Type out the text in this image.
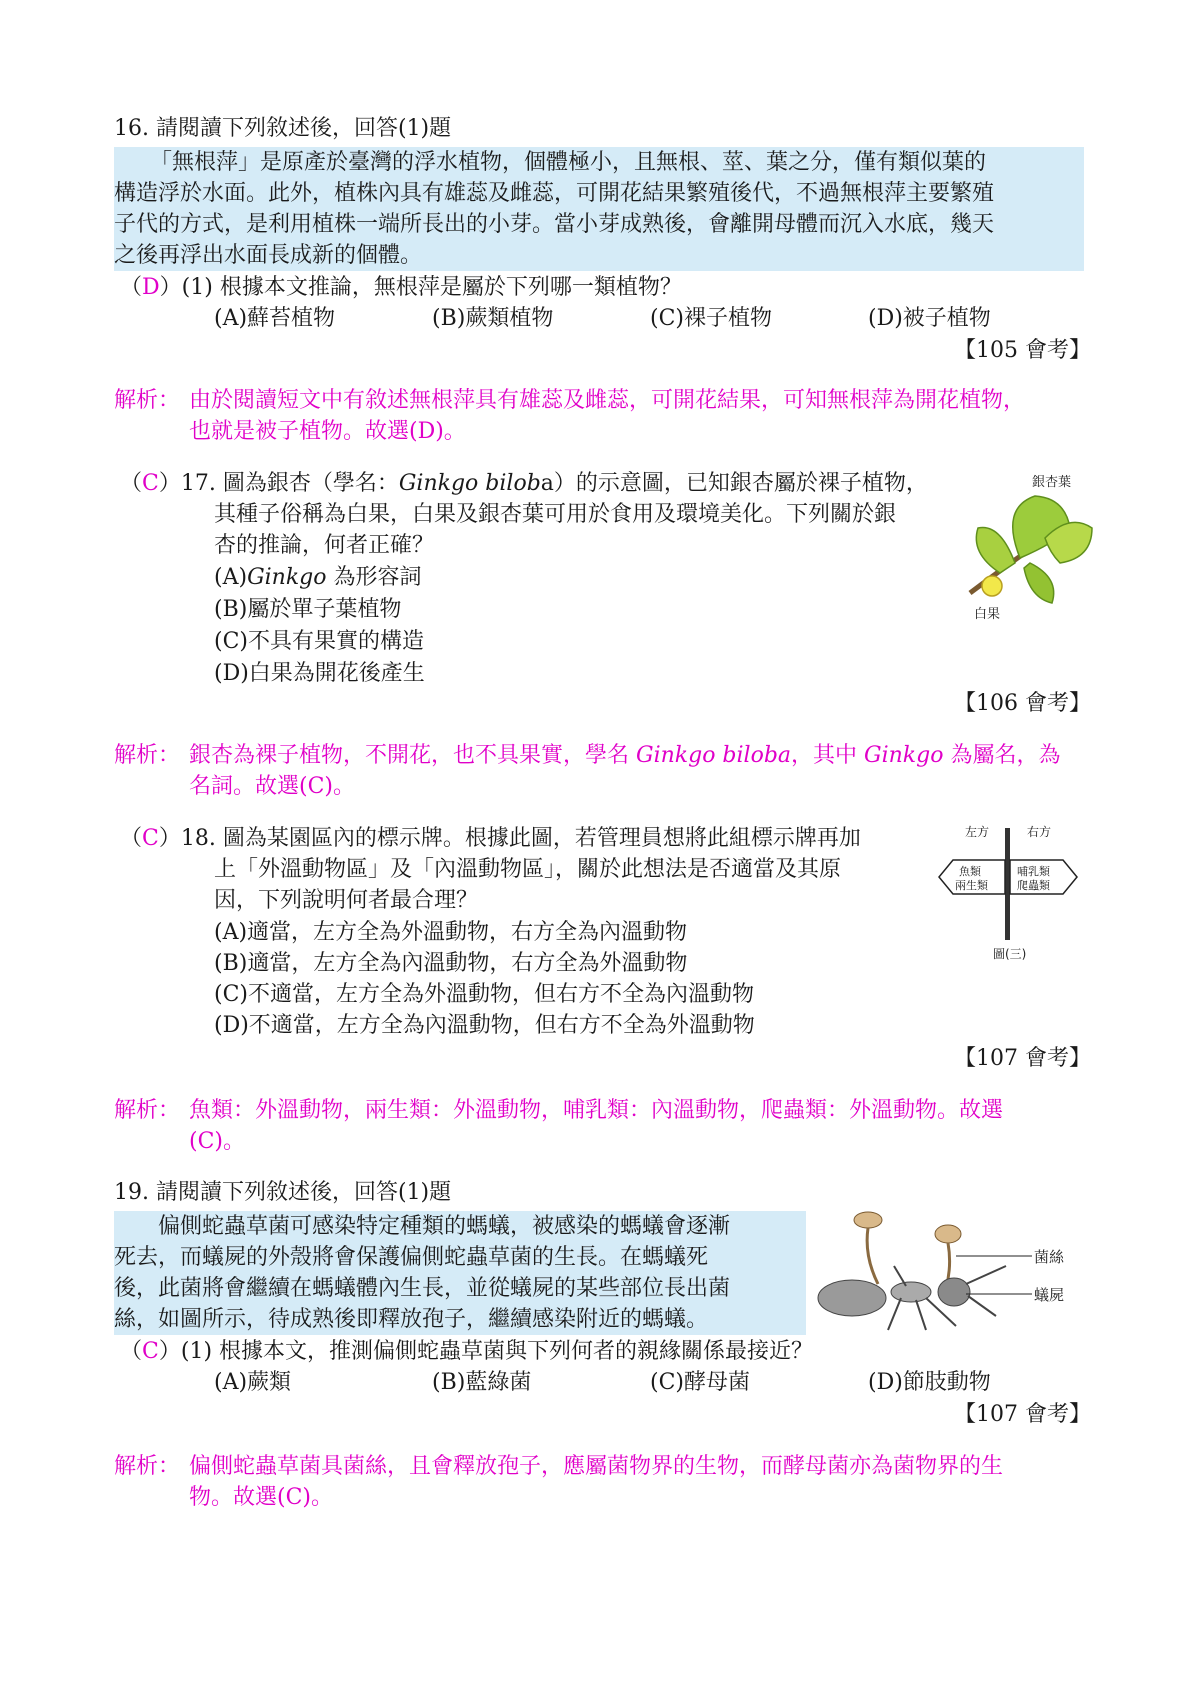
16. 請閱讀下列敘述後，回答(1)題
「無根萍」是原產於臺灣的浮水植物，個體極小，且無根、莖、葉之分，僅有類似葉的
構造浮於水面。此外，植株內具有雄蕊及雌蕊，可開花結果繁殖後代，不過無根萍主要繁殖
子代的方式，是利用植株一端所長出的小芽。當小芽成熟後，會離開母體而沉入水底，幾天
之後再浮出水面長成新的個體。
（D）(1) 根據本文推論，無根萍是屬於下列哪一類植物？
(A)蘚苔植物	(B)蕨類植物	(C)裸子植物	(D)被子植物
【105 會考】
解析： 由於閱讀短文中有敘述無根萍具有雄蕊及雌蕊，可開花結果，可知無根萍為開花植物，
也就是被子植物。故選(D)。
（C）17. 圖為銀杏（學名：Ginkgo biloba）的示意圖，已知銀杏屬於裸子植物，
其種子俗稱為白果，白果及銀杏葉可用於食用及環境美化。下列關於銀
杏的推論，何者正確？
(A)Ginkgo 為形容詞
(B)屬於單子葉植物
(C)不具有果實的構造
(D)白果為開花後產生
銀杏葉
白果
【106 會考】
解析： 銀杏為裸子植物，不開花，也不具果實，學名 Ginkgo biloba，其中 Ginkgo 為屬名，為
名詞。故選(C)。
（C）18. 圖為某園區內的標示牌。根據此圖，若管理員想將此組標示牌再加
上「外溫動物區」及「內溫動物區」，關於此想法是否適當及其原
因，下列說明何者最合理？
(A)適當，左方全為外溫動物，右方全為內溫動物
(B)適當，左方全為內溫動物，右方全為外溫動物
(C)不適當，左方全為外溫動物，但右方不全為內溫動物
(D)不適當，左方全為內溫動物，但右方不全為外溫動物
左方	右方
魚類
兩生類
哺乳類
爬蟲類
圖(三)
【107 會考】
解析： 魚類：外溫動物，兩生類：外溫動物，哺乳類：內溫動物，爬蟲類：外溫動物。故選
(C)。
19. 請閱讀下列敘述後，回答(1)題
偏側蛇蟲草菌可感染特定種類的螞蟻，被感染的螞蟻會逐漸
死去，而蟻屍的外殼將會保護偏側蛇蟲草菌的生長。在螞蟻死
後，此菌將會繼續在螞蟻體內生長，並從蟻屍的某些部位長出菌
絲，如圖所示，待成熟後即釋放孢子，繼續感染附近的螞蟻。
菌絲
蟻屍
（C）(1) 根據本文，推測偏側蛇蟲草菌與下列何者的親緣關係最接近？
(A)蕨類	(B)藍綠菌	(C)酵母菌	(D)節肢動物
【107 會考】
解析： 偏側蛇蟲草菌具菌絲，且會釋放孢子，應屬菌物界的生物，而酵母菌亦為菌物界的生
物。故選(C)。
